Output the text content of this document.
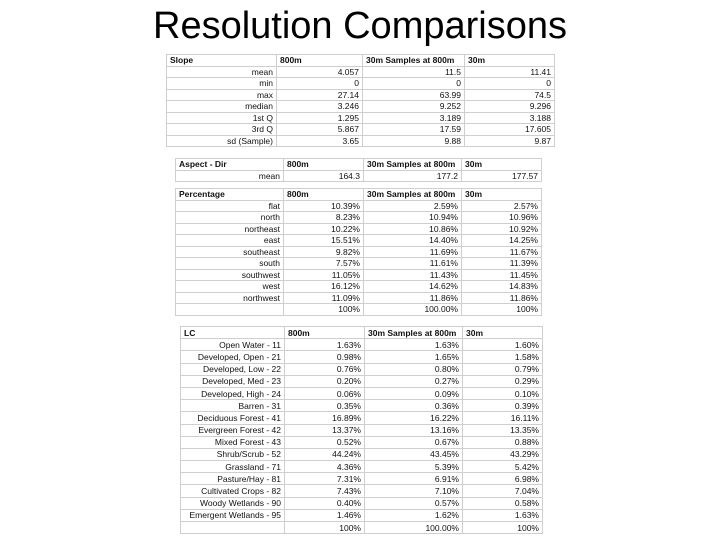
Resolution Comparisons
Slope	800m	30m Samples at 800m	30m
mean	4.057	11.5	11.41
min	0	0	0
max	27.14	63.99	74.5
median	3.246	9.252	9.296
1st Q	1.295	3.189	3.188
3rd Q	5.867	17.59	17.605
sd (Sample)	3.65	9.88	9.87
Aspect - Dir	800m	30m Samples at 800m	30m
mean	164.3	177.2	177.57

Percentage	800m	30m Samples at 800m	30m
flat	10.39%	2.59%	2.57%
north	8.23%	10.94%	10.96%
northeast	10.22%	10.86%	10.92%
east	15.51%	14.40%	14.25%
southeast	9.82%	11.69%	11.67%
south	7.57%	11.61%	11.39%
southwest	11.05%	11.43%	11.45%
west	16.12%	14.62%	14.83%
northwest	11.09%	11.86%	11.86%
	100%	100.00%	100%
LC	800m	30m Samples at 800m	30m
Open Water - 11	1.63%	1.63%	1.60%
Developed, Open - 21	0.98%	1.65%	1.58%
Developed, Low - 22	0.76%	0.80%	0.79%
Developed, Med - 23	0.20%	0.27%	0.29%
Developed, High - 24	0.06%	0.09%	0.10%
Barren - 31	0.35%	0.36%	0.39%
Deciduous Forest - 41	16.89%	16.22%	16.11%
Evergreen Forest - 42	13.37%	13.16%	13.35%
Mixed Forest - 43	0.52%	0.67%	0.88%
Shrub/Scrub - 52	44.24%	43.45%	43.29%
Grassland - 71	4.36%	5.39%	5.42%
Pasture/Hay - 81	7.31%	6.91%	6.98%
Cultivated Crops - 82	7.43%	7.10%	7.04%
Woody Wetlands - 90	0.40%	0.57%	0.58%
Emergent Wetlands - 95	1.46%	1.62%	1.63%
	100%	100.00%	100%
